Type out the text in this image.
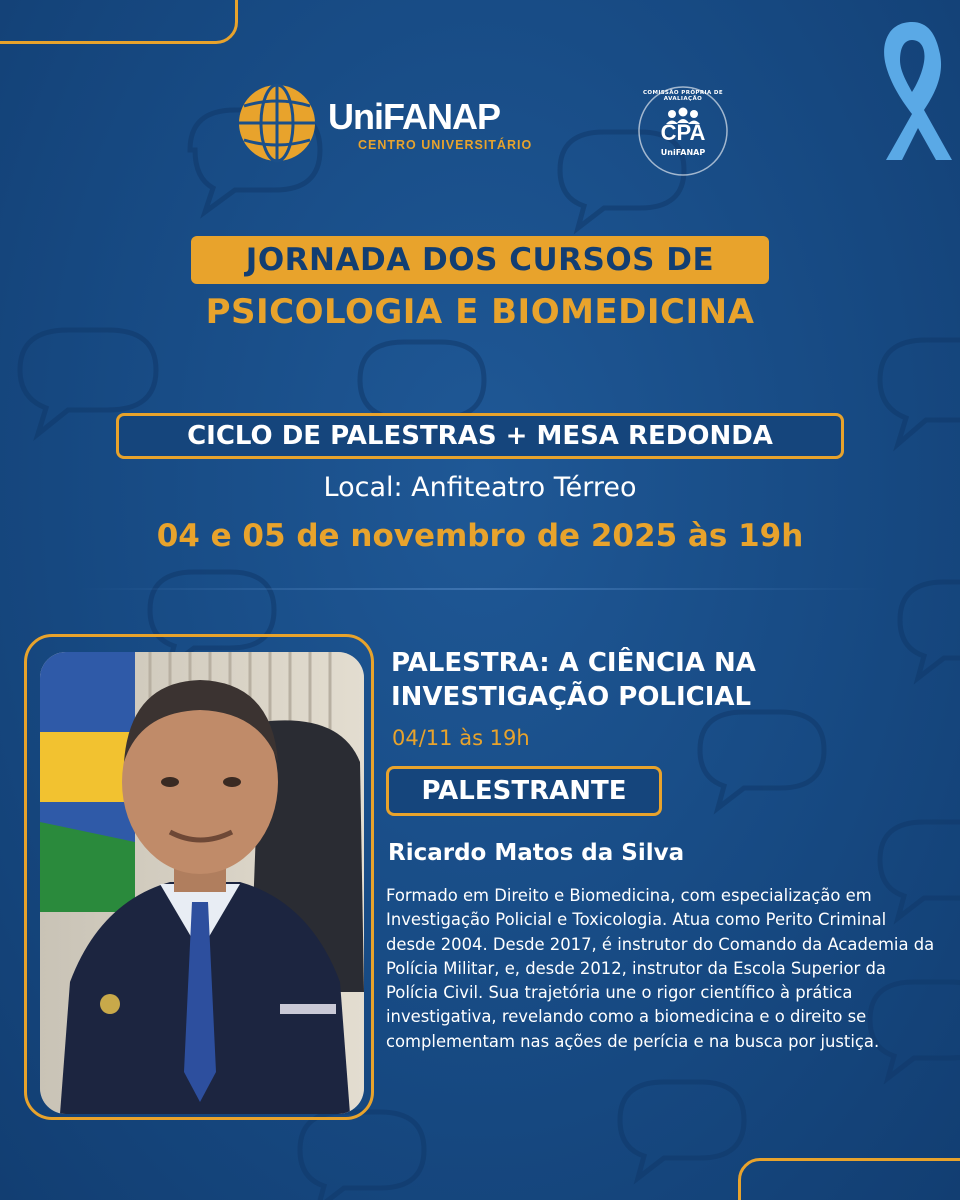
UniFANAP
CENTRO UNIVERSITÁRIO
COMISSÃO PRÓPRIA DE AVALIAÇÃO
CPA
UniFANAP
JORNADA DOS CURSOS DE
PSICOLOGIA E BIOMEDICINA
CICLO DE PALESTRAS + MESA REDONDA
Local: Anfiteatro Térreo
04 e 05 de novembro de 2025 às 19h
PALESTRA: A CIÊNCIA NA INVESTIGAÇÃO POLICIAL
04/11 às 19h
PALESTRANTE
Ricardo Matos da Silva
Formado em Direito e Biomedicina, com especialização em Investigação Policial e Toxicologia. Atua como Perito Criminal desde 2004. Desde 2017, é instrutor do Comando da Academia da Polícia Militar, e, desde 2012, instrutor da Escola Superior da Polícia Civil. Sua trajetória une o rigor científico à prática investigativa, revelando como a biomedicina e o direito se complementam nas ações de perícia e na busca por justiça.
